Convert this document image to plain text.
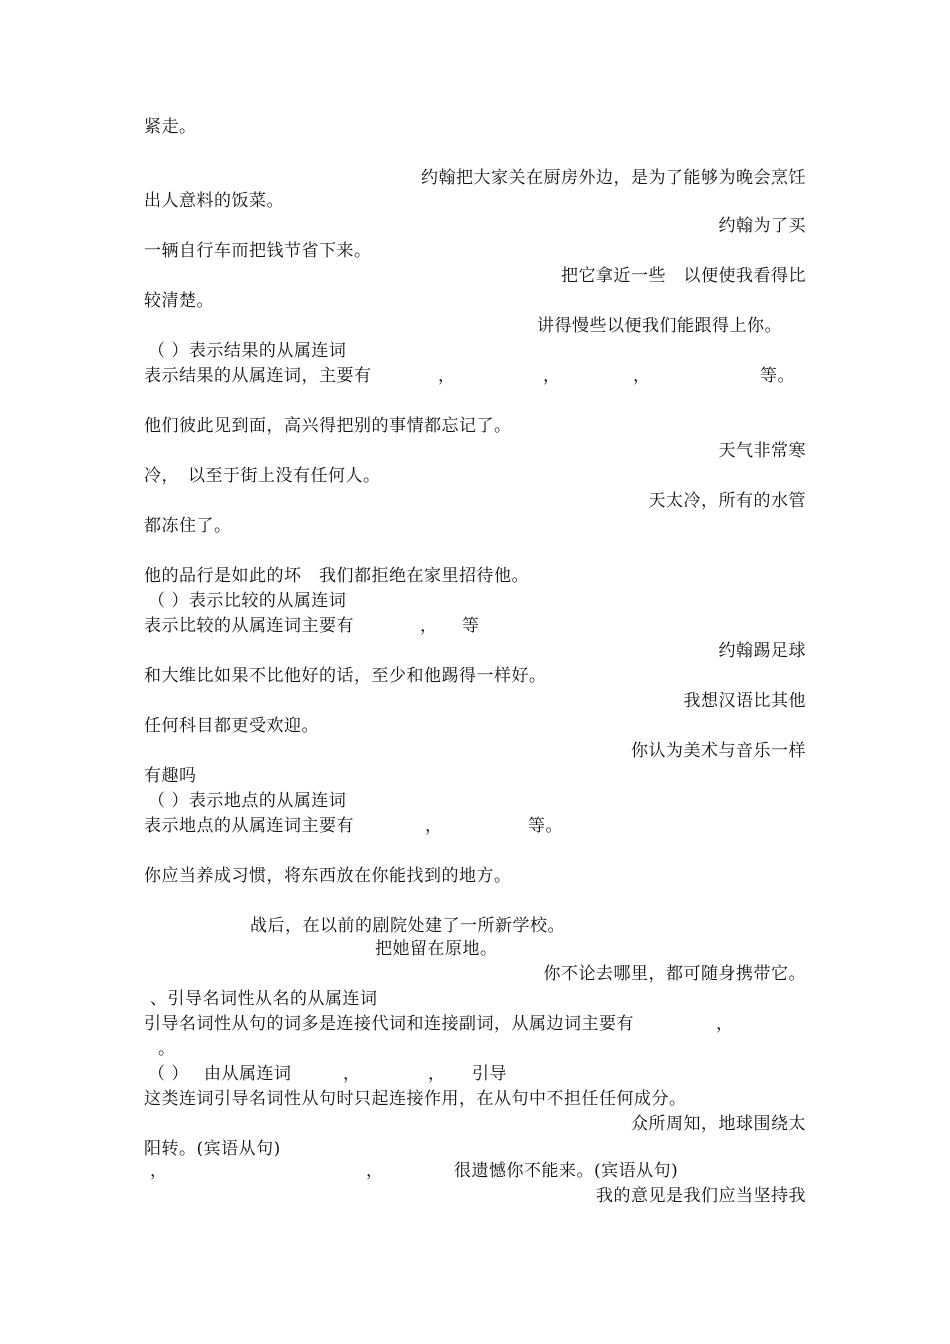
紧走。
约翰把大家关在厨房外边，是为了能够为晚会烹饪
出人意料的饭菜。
约翰为了买
一辆自行车而把钱节省下来。
把它拿近一些　以便使我看得比
较清楚。
讲得慢些以便我们能跟得上你。
（ ）表示结果的从属连词
表示结果的从属连词，主要有	，	，	，	等。
他们彼此见到面，高兴得把别的事情都忘记了。
天气非常寒
冷，　以至于街上没有任何人。
天太冷，所有的水管
都冻住了。
他的品行是如此的坏　我们都拒绝在家里招待他。
（ ）表示比较的从属连词
表示比较的从属连词主要有	， 等
约翰踢足球
和大维比如果不比他好的话，至少和他踢得一样好。
我想汉语比其他
任何科目都更受欢迎。
你认为美术与音乐一样
有趣吗
（ ）表示地点的从属连词
表示地点的从属连词主要有	，	等。
你应当养成习惯，将东西放在你能找到的地方。
战后，在以前的剧院处建了一所新学校。
把她留在原地。
你不论去哪里，都可随身携带它。
、引导名词性从名的从属连词
引导名词性从句的词多是连接代词和连接副词，从属边词主要有	，
。
（ ） 由从属连词	，	， 引导
这类连词引导名词性从句时只起连接作用，在从句中不担任任何成分。
众所周知，地球围绕太
阳转。(宾语从句)
，	，	很遗憾你不能来。(宾语从句)
我的意见是我们应当坚持我
